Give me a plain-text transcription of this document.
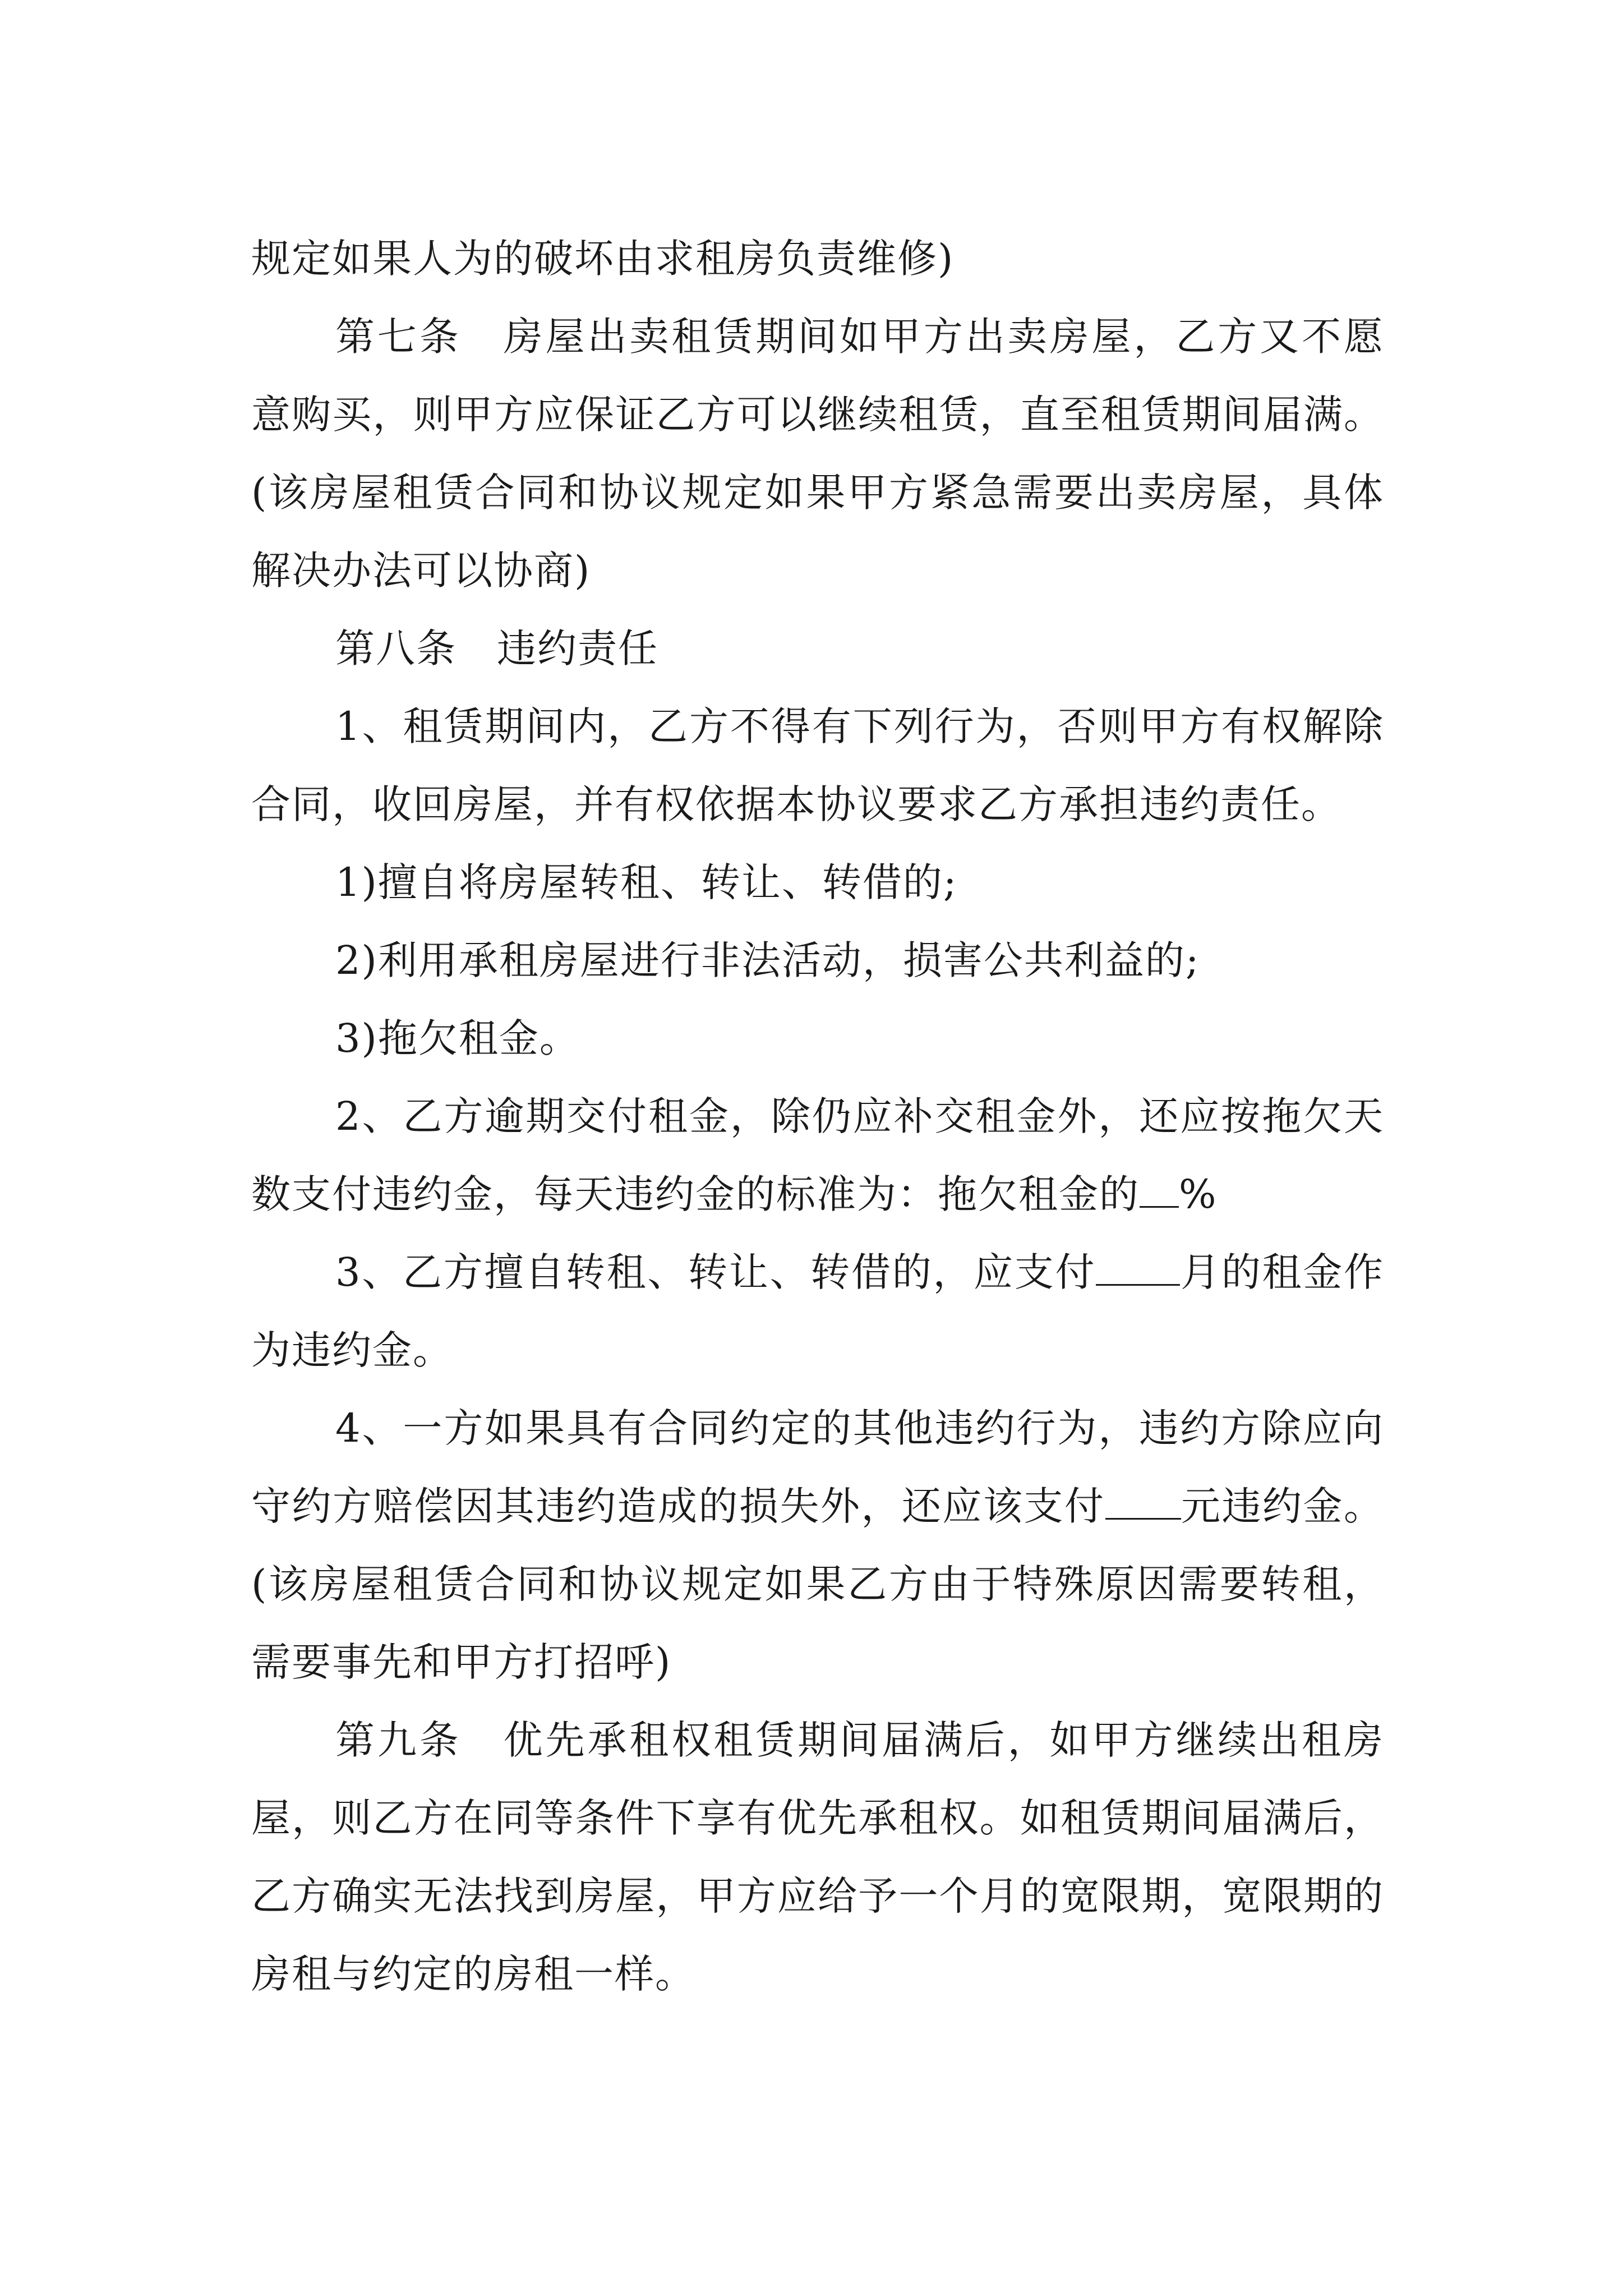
规定如果人为的破坏由求租房负责维修)

第七条　房屋出卖租赁期间如甲方出卖房屋，乙方又不愿意购买，则甲方应保证乙方可以继续租赁，直至租赁期间届满。(该房屋租赁合同和协议规定如果甲方紧急需要出卖房屋，具体解决办法可以协商)

第八条　违约责任

1、租赁期间内，乙方不得有下列行为，否则甲方有权解除合同，收回房屋，并有权依据本协议要求乙方承担违约责任。

1)擅自将房屋转租、转让、转借的;

2)利用承租房屋进行非法活动，损害公共利益的;

3)拖欠租金。

2、乙方逾期交付租金，除仍应补交租金外，还应按拖欠天数支付违约金，每天违约金的标准为：拖欠租金的 %

3、乙方擅自转租、转让、转借的，应支付 月的租金作为违约金。

4、一方如果具有合同约定的其他违约行为，违约方除应向守约方赔偿因其违约造成的损失外，还应该支付 元违约金。(该房屋租赁合同和协议规定如果乙方由于特殊原因需要转租，需要事先和甲方打招呼)

第九条　优先承租权租赁期间届满后，如甲方继续出租房屋，则乙方在同等条件下享有优先承租权。如租赁期间届满后，乙方确实无法找到房屋，甲方应给予一个月的宽限期，宽限期的房租与约定的房租一样。
